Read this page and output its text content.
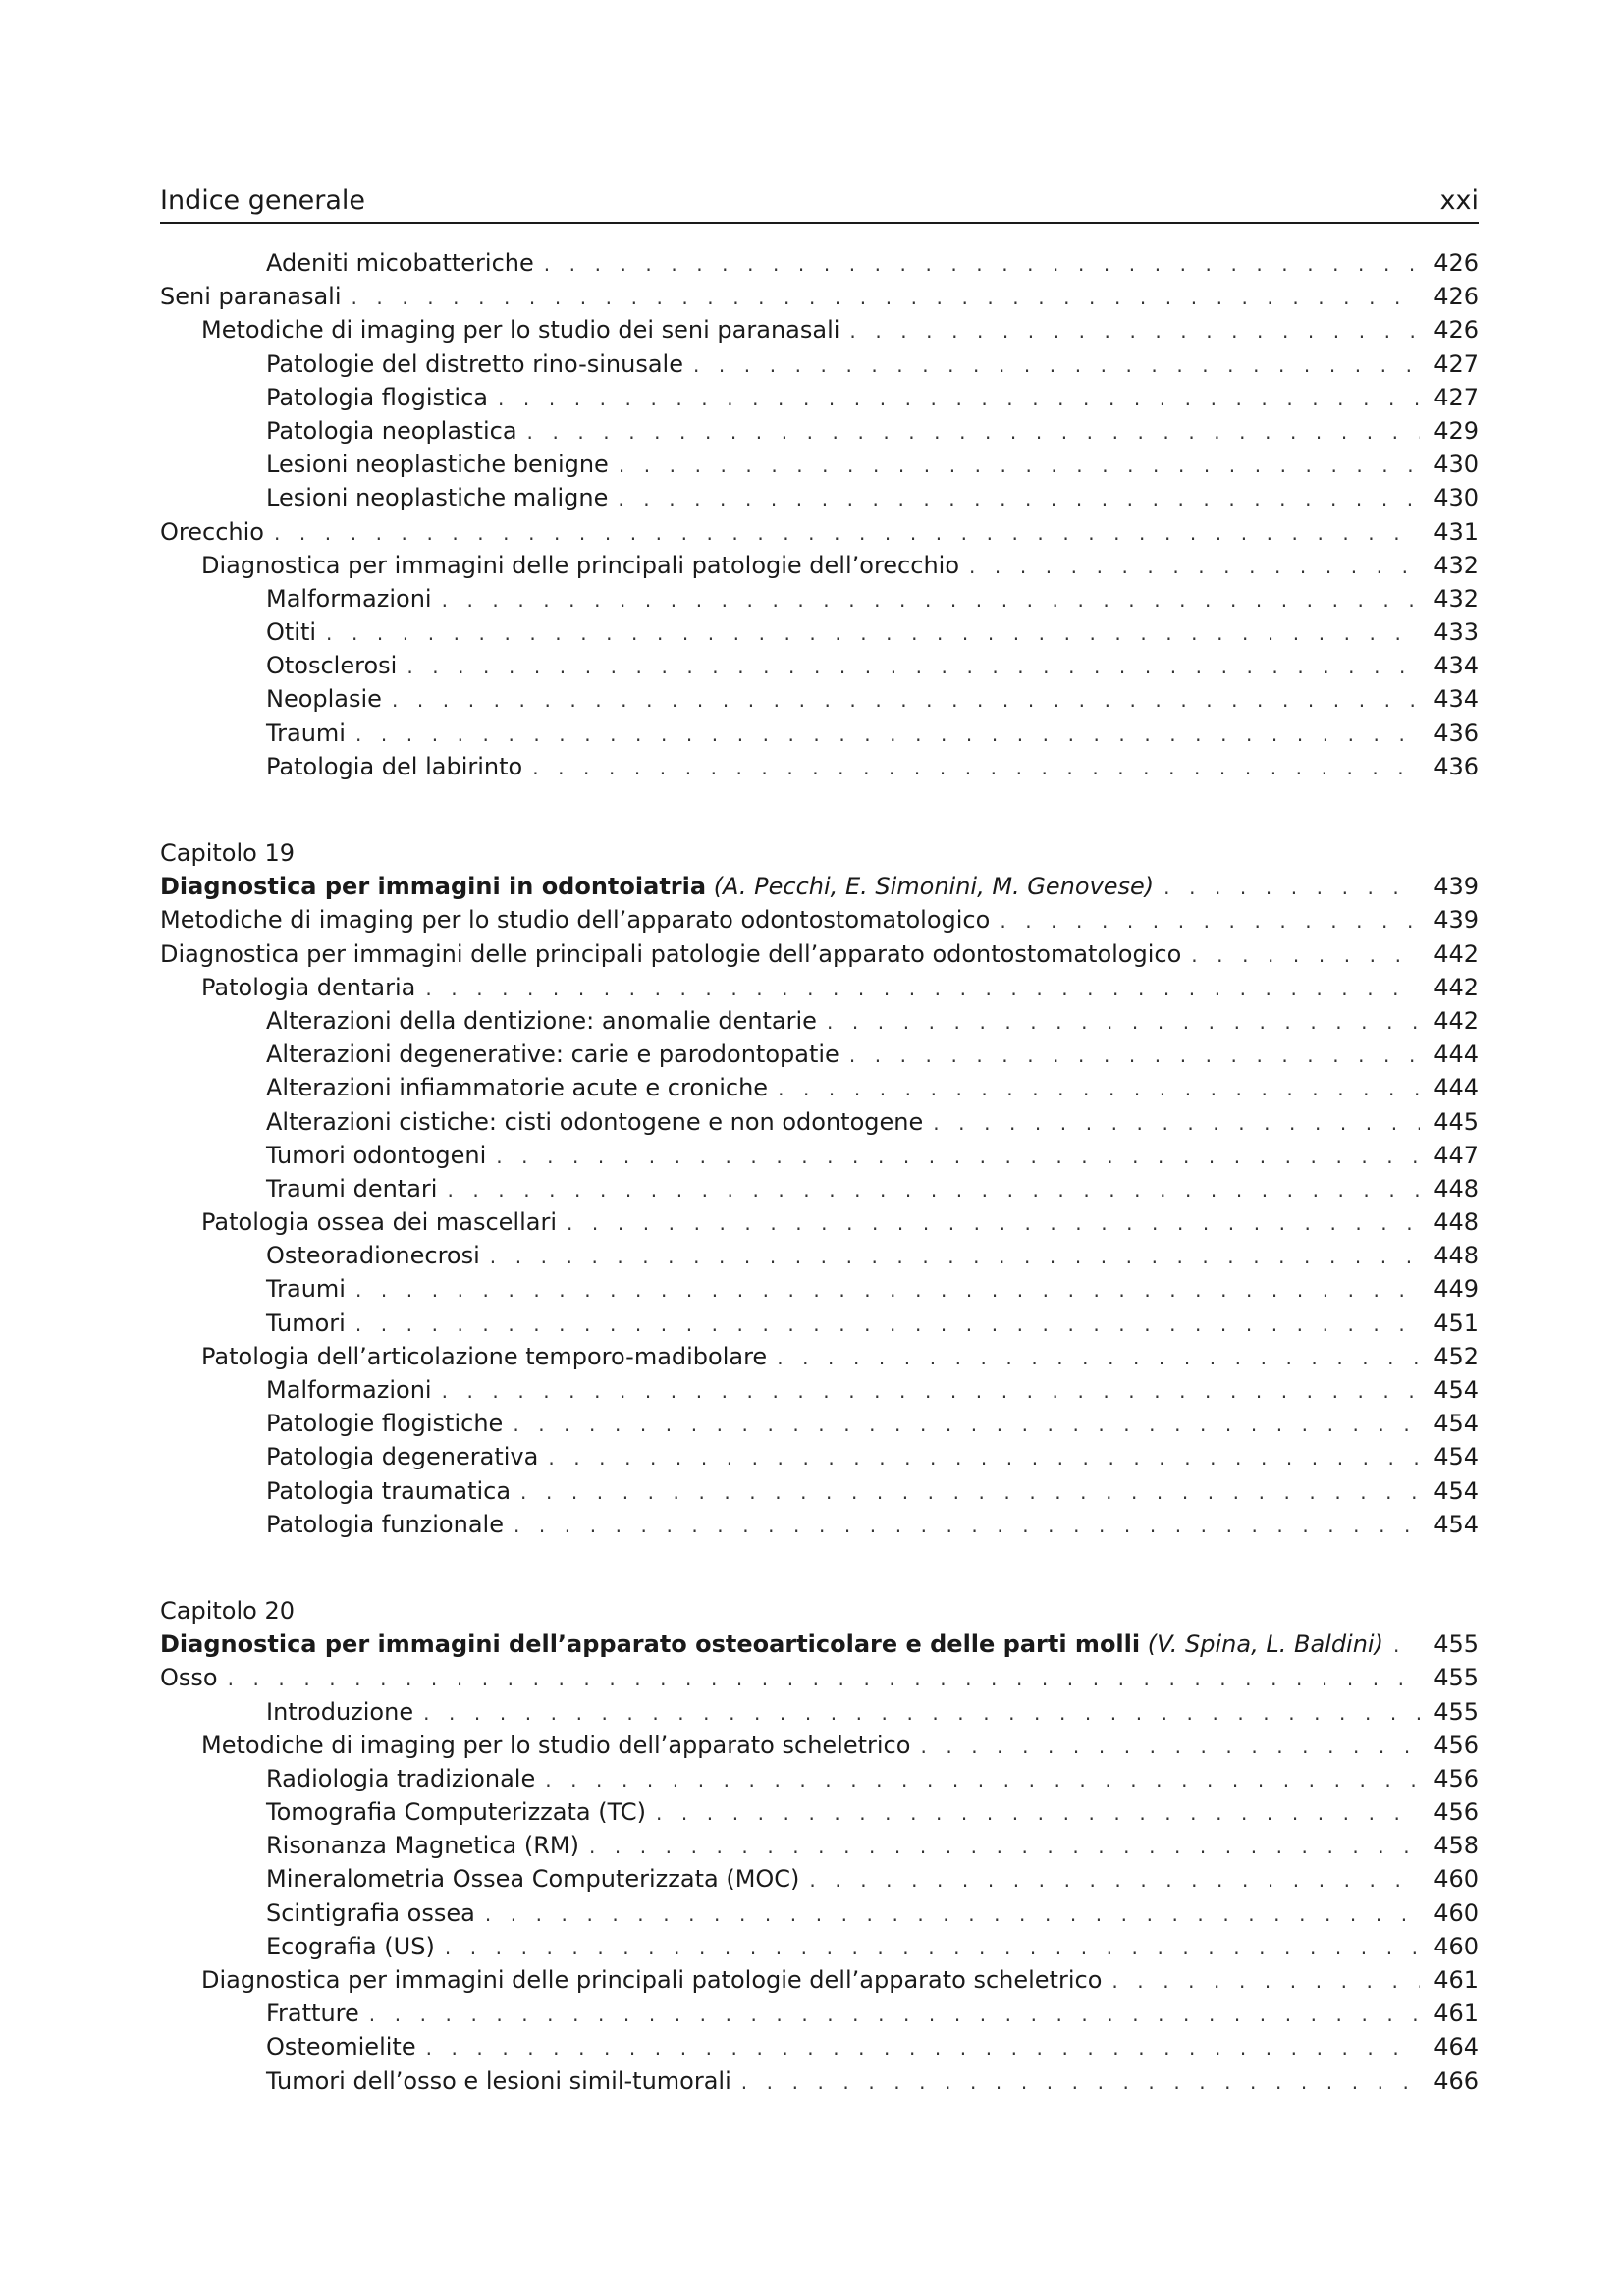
Indice generale	xxi
Adeniti micobatteriche . . .	426
Seni paranasali . . .	426
Metodiche di imaging per lo studio dei seni paranasali . . .	426
Patologie del distretto rino-sinusale . . .	427
Patologia flogistica . . .	427
Patologia neoplastica . . .	429
Lesioni neoplastiche benigne . . .	430
Lesioni neoplastiche maligne . . .	430
Orecchio . . .	431
Diagnostica per immagini delle principali patologie dell’orecchio . . .	432
Malformazioni . . .	432
Otiti . . .	433
Otosclerosi . . .	434
Neoplasie . . .	434
Traumi . . .	436
Patologia del labirinto . . .	436
Capitolo 19
Diagnostica per immagini in odontoiatria (A. Pecchi, E. Simonini, M. Genovese) . . .	439
Metodiche di imaging per lo studio dell’apparato odontostomatologico . . .	439
Diagnostica per immagini delle principali patologie dell’apparato odontostomatologico . . .	442
Patologia dentaria . . .	442
Alterazioni della dentizione: anomalie dentarie . . .	442
Alterazioni degenerative: carie e parodontopatie . . .	444
Alterazioni infiammatorie acute e croniche . . .	444
Alterazioni cistiche: cisti odontogene e non odontogene . . .	445
Tumori odontogeni . . .	447
Traumi dentari . . .	448
Patologia ossea dei mascellari . . .	448
Osteoradionecrosi . . .	448
Traumi . . .	449
Tumori . . .	451
Patologia dell’articolazione temporo-madibolare . . .	452
Malformazioni . . .	454
Patologie flogistiche . . .	454
Patologia degenerativa . . .	454
Patologia traumatica . . .	454
Patologia funzionale . . .	454
Capitolo 20
Diagnostica per immagini dell’apparato osteoarticolare e delle parti molli (V. Spina, L. Baldini) . . . 455
Osso . . .	455
Introduzione . . .	455
Metodiche di imaging per lo studio dell’apparato scheletrico . . .	456
Radiologia tradizionale . . .	456
Tomografia Computerizzata (TC) . . .	456
Risonanza Magnetica (RM) . . .	458
Mineralometria Ossea Computerizzata (MOC) . . .	460
Scintigrafia ossea . . .	460
Ecografia (US) . . .	460
Diagnostica per immagini delle principali patologie dell’apparato scheletrico . . .	461
Fratture . . .	461
Osteomielite . . .	464
Tumori dell’osso e lesioni simil-tumorali . . .	466
